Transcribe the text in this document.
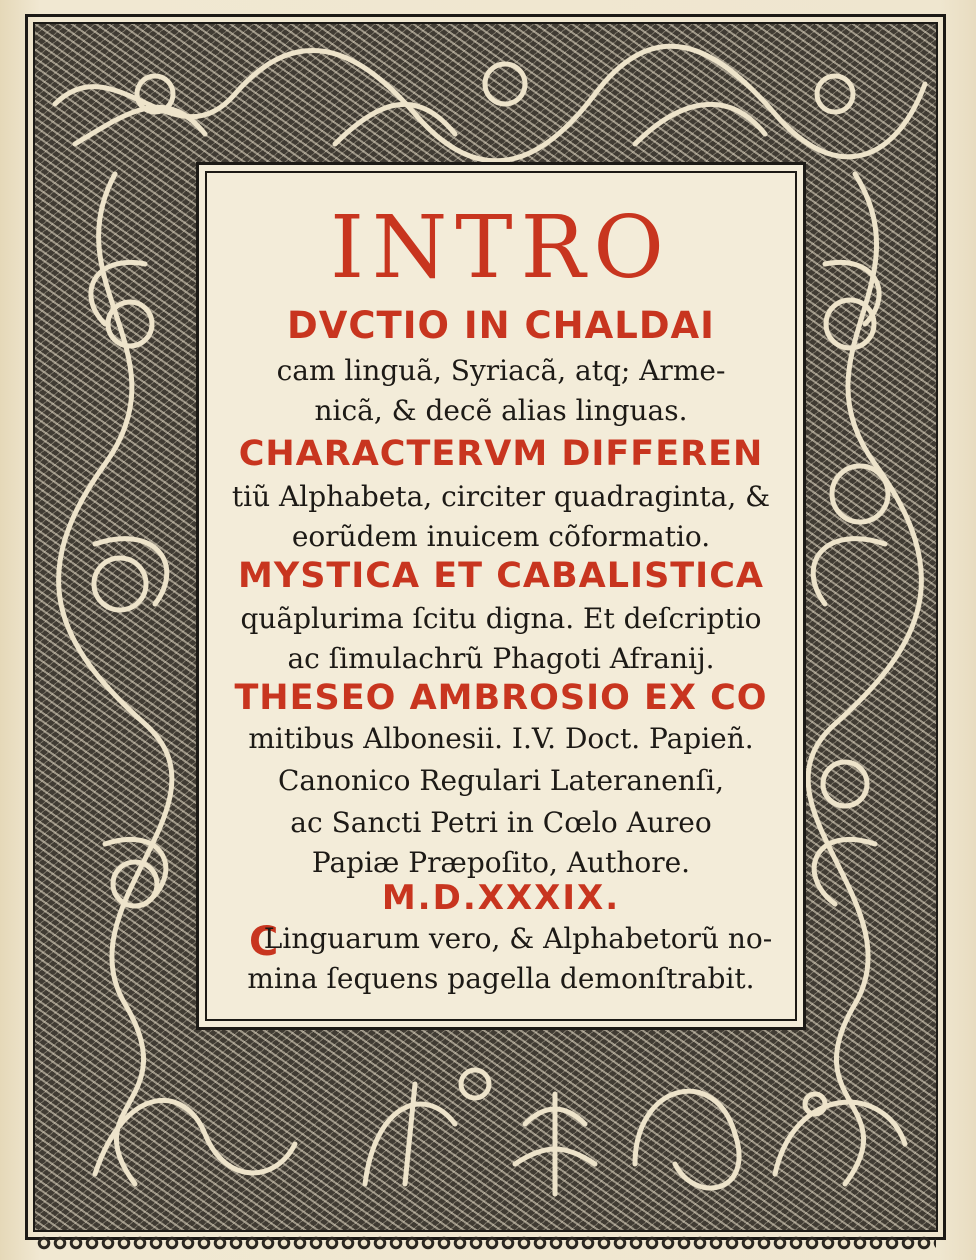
INTRO
DVCTIO IN CHALDAI
cam linguã, Syriacã, atq; Arme-
nicã, & decẽ alias linguas.
CHARACTERVM DIFFEREN
tiũ Alphabeta, circiter quadraginta, &
eorũdem inuicem cõformatio.
MYSTICA ET CABALISTICA
quãplurima ſcitu digna. Et deſcriptio
ac ſimulachrũ Phagoti Afranij.
THESEO AMBROSIO EX CO
mitibus Albonesii. I.V. Doct. Papieñ.
Canonico Regulari Lateranenſi,
ac Sancti Petri in Cœlo Aureo
Papiæ Præpoſito, Authore.
M.D.XXXIX.
C
Linguarum vero, & Alphabetorũ no-
mina ſequens pagella demonſtrabit.
